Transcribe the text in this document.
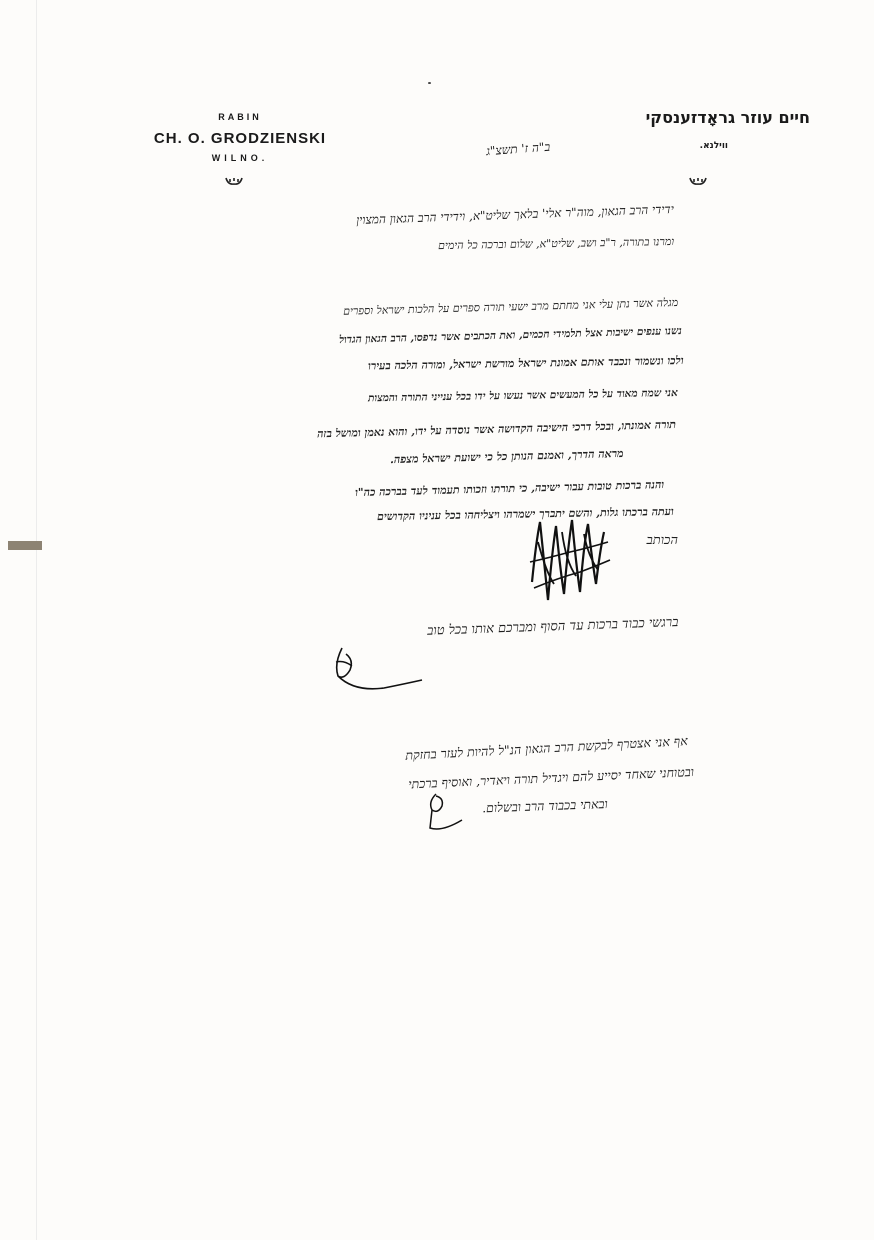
RABIN
CH. O. GRODZIENSKI
WILNO.
חיים עוזר גראָדזענסקי
ווילנא.
ב"ה ז' תשצ"ג
ידידי הרב הגאון, מוה"ר אלי' בלאך שליט"א, וידידי הרב הגאון המצוין
ומרנו בתורה, ר"ב ושב, שליט"א, שלום וברכה כל הימים
מגלה אשר נתן עלי אני מחתם מרב ישעי תורה ספרים על הלכות ישראל וספרים
נשנו ענפים ישיבות אצל תלמידי חכמים, ואת הכתבים אשר נדפסו, הרב הגאון הגדול
ולכו ונשמור ונכבד אותם אמונת ישראל מורשת ישראל, ומורה הלכה בעירו
אני שמח מאוד על כל המעשים אשר נעשו על ידו בכל ענייני התורה והמצות
תורה אמונתו, ובכל דרכי הישיבה הקדושה אשר נוסדה על ידו, והוא נאמן ומושל בזה
מראה הדרך, ואמנם הנותן כל כי ישועת ישראל מצפה.
והנה ברכות טובות עבור ישיבה, כי תורתו וזכותו תעמוד לעד בברכה כה"ו
ועתה ברכתו גלות, והשם יתברך ישמרהו ויצליחהו בכל עניניו הקדושים
הכותב
ברגשי כבוד ברכות עד הסוף ומברכם אותו בכל טוב
אף אני אצטרף לבקשת הרב הגאון הנ"ל להיות לעזר בחזקת
ובטוחני שאחד יסייע להם ויגדיל תורה ויאדיר, ואוסיף ברכתי
ובאתי בכבוד הרב ובשלום.
